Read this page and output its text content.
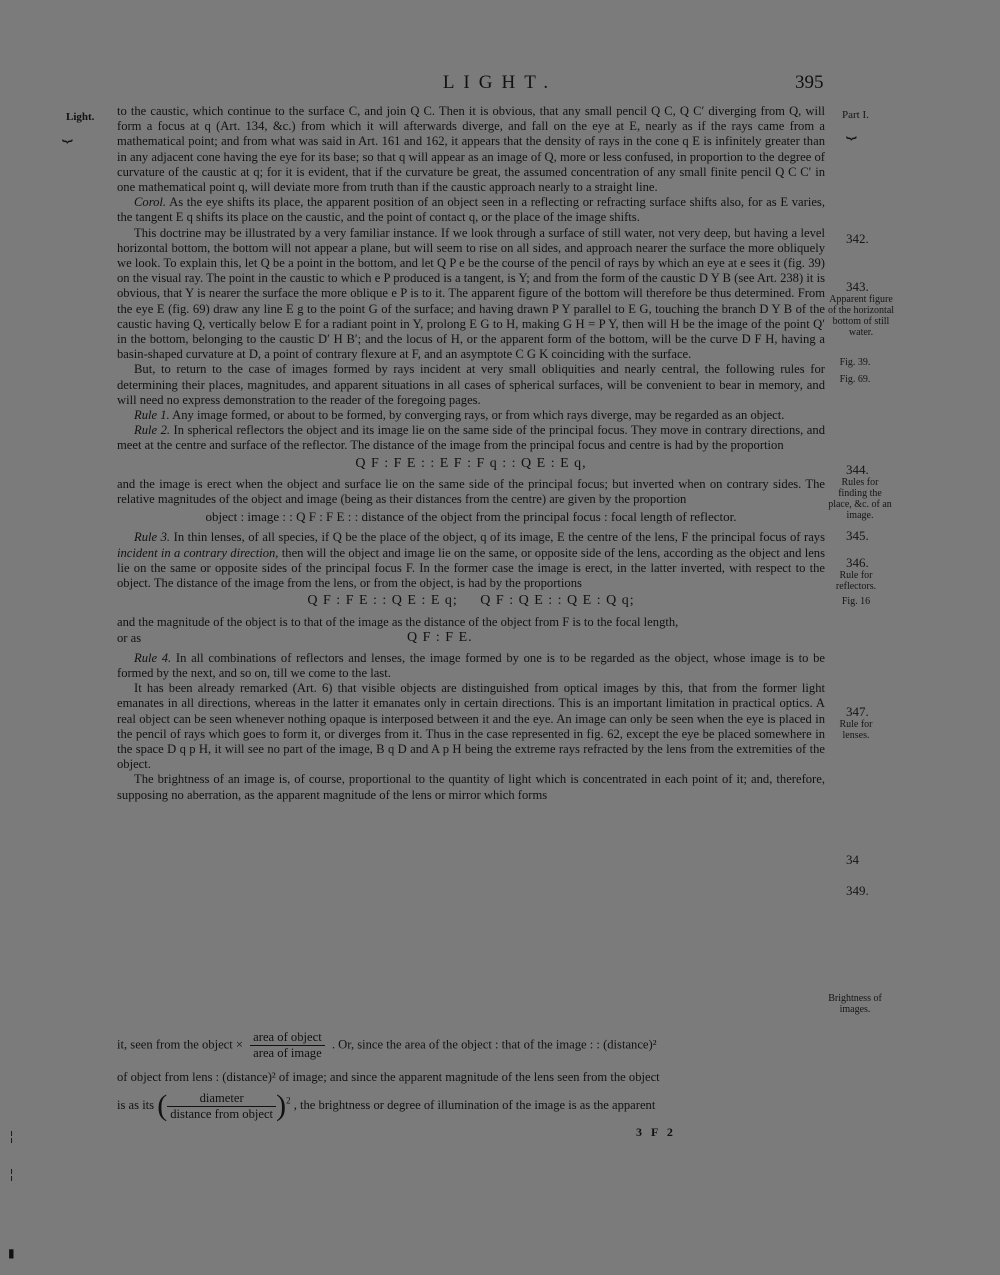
LIGHT.	395
Light.
⏟
Part I.
⏟

to the caustic, which continue to the surface C, and join Q C. Then it is obvious, that any small pencil Q C, Q C′ diverging from Q, will form a focus at q (Art. 134, &c.) from which it will afterwards diverge, and fall on the eye at E, nearly as if the rays came from a mathematical point; and from what was said in Art. 161 and 162, it appears that the density of rays in the cone q E is infinitely greater than in any adjacent cone having the eye for its base; so that q will appear as an image of Q, more or less confused, in proportion to the degree of curvature of the caustic at q; for it is evident, that if the curvature be great, the assumed concentration of any small finite pencil Q C C′ in one mathematical point q, will deviate more from truth than if the caustic approach nearly to a straight line.

Corol. As the eye shifts its place, the apparent position of an object seen in a reflecting or refracting surface shifts also, for as E varies, the tangent E q shifts its place on the caustic, and the point of contact q, or the place of the image shifts.

This doctrine may be illustrated by a very familiar instance. If we look through a surface of still water, not very deep, but having a level horizontal bottom, the bottom will not appear a plane, but will seem to rise on all sides, and approach nearer the surface the more obliquely we look. To explain this, let Q be a point in the bottom, and let Q P e be the course of the pencil of rays by which an eye at e sees it (fig. 39) on the visual ray. The point in the caustic to which e P produced is a tangent, is Y; and from the form of the caustic D Y B (see Art. 238) it is obvious, that Y is nearer the surface the more oblique e P is to it. The apparent figure of the bottom will therefore be thus determined. From the eye E (fig. 69) draw any line E g to the point G of the surface; and having drawn P Y parallel to E G, touching the branch D Y B of the caustic having Q, vertically below E for a radiant point in Y, prolong E G to H, making G H = P Y, then will H be the image of the point Q′ in the bottom, belonging to the caustic D′ H B′; and the locus of H, or the apparent form of the bottom, will be the curve D F H, having a basin-shaped curvature at D, a point of contrary flexure at F, and an asymptote C G K coinciding with the surface.

But, to return to the case of images formed by rays incident at very small obliquities and nearly central, the following rules for determining their places, magnitudes, and apparent situations in all cases of spherical surfaces, will be convenient to bear in memory, and will need no express demonstration to the reader of the foregoing pages.

Rule 1. Any image formed, or about to be formed, by converging rays, or from which rays diverge, may be regarded as an object.

Rule 2. In spherical reflectors the object and its image lie on the same side of the principal focus. They move in contrary directions, and meet at the centre and surface of the reflector. The distance of the image from the principal focus and centre is had by the proportion

Q F : F E : : E F : F q : : Q E : E q,

and the image is erect when the object and surface lie on the same side of the principal focus; but inverted when on contrary sides. The relative magnitudes of the object and image (being as their distances from the centre) are given by the proportion

object : image : : Q F : F E : : distance of the object from the principal focus : focal length of reflector.

Rule 3. In thin lenses, of all species, if Q be the place of the object, q of its image, E the centre of the lens, F the principal focus of rays incident in a contrary direction, then will the object and image lie on the same, or opposite side of the lens, according as the object and lens lie on the same or opposite sides of the principal focus F. In the former case the image is erect, in the latter inverted, with respect to the object. The distance of the image from the lens, or from the object, is had by the proportions

Q F : F E : : Q E : E q;     Q F : Q E : : Q E : Q q;

and the magnitude of the object is to that of the image as the distance of the object from F is to the focal length,

or as	Q F : F E.

Rule 4. In all combinations of reflectors and lenses, the image formed by one is to be regarded as the object, whose image is to be formed by the next, and so on, till we come to the last.

It has been already remarked (Art. 6) that visible objects are distinguished from optical images by this, that from the former light emanates in all directions, whereas in the latter it emanates only in certain directions. This is an important limitation in practical optics. A real object can be seen whenever nothing opaque is interposed between it and the eye. An image can only be seen when the eye is placed in the pencil of rays which goes to form it, or diverges from it. Thus in the case represented in fig. 62, except the eye be placed somewhere in the space D q p H, it will see no part of the image, B q D and A p H being the extreme rays refracted by the lens from the extremities of the object.

The brightness of an image is, of course, proportional to the quantity of light which is concentrated in each point of it; and, therefore, supposing no aberration, as the apparent magnitude of the lens or mirror which forms

it, seen from the object × $\frac{\text{area of object}}{\text{area of image}}$ . Or, since the area of the object : that of the image : : (distance)²
of object from lens : (distance)² of image; and since the apparent magnitude of the lens seen from the object
is as its ( $\frac{\text{diameter}}{\text{distance from object}} )^2$ , the brightness or degree of illumination of the image is as the apparent
3 F 2
342.
343.
Apparent figure of the horizontal bottom of still water.
Fig. 39.
Fig. 69.
344.
Rules for finding the place, &c. of an image.
345.
346.
Rule for reflectors.
Fig. 16
347.
Rule for lenses.
34
349.
Brightness of images.
╎
╎
▮
